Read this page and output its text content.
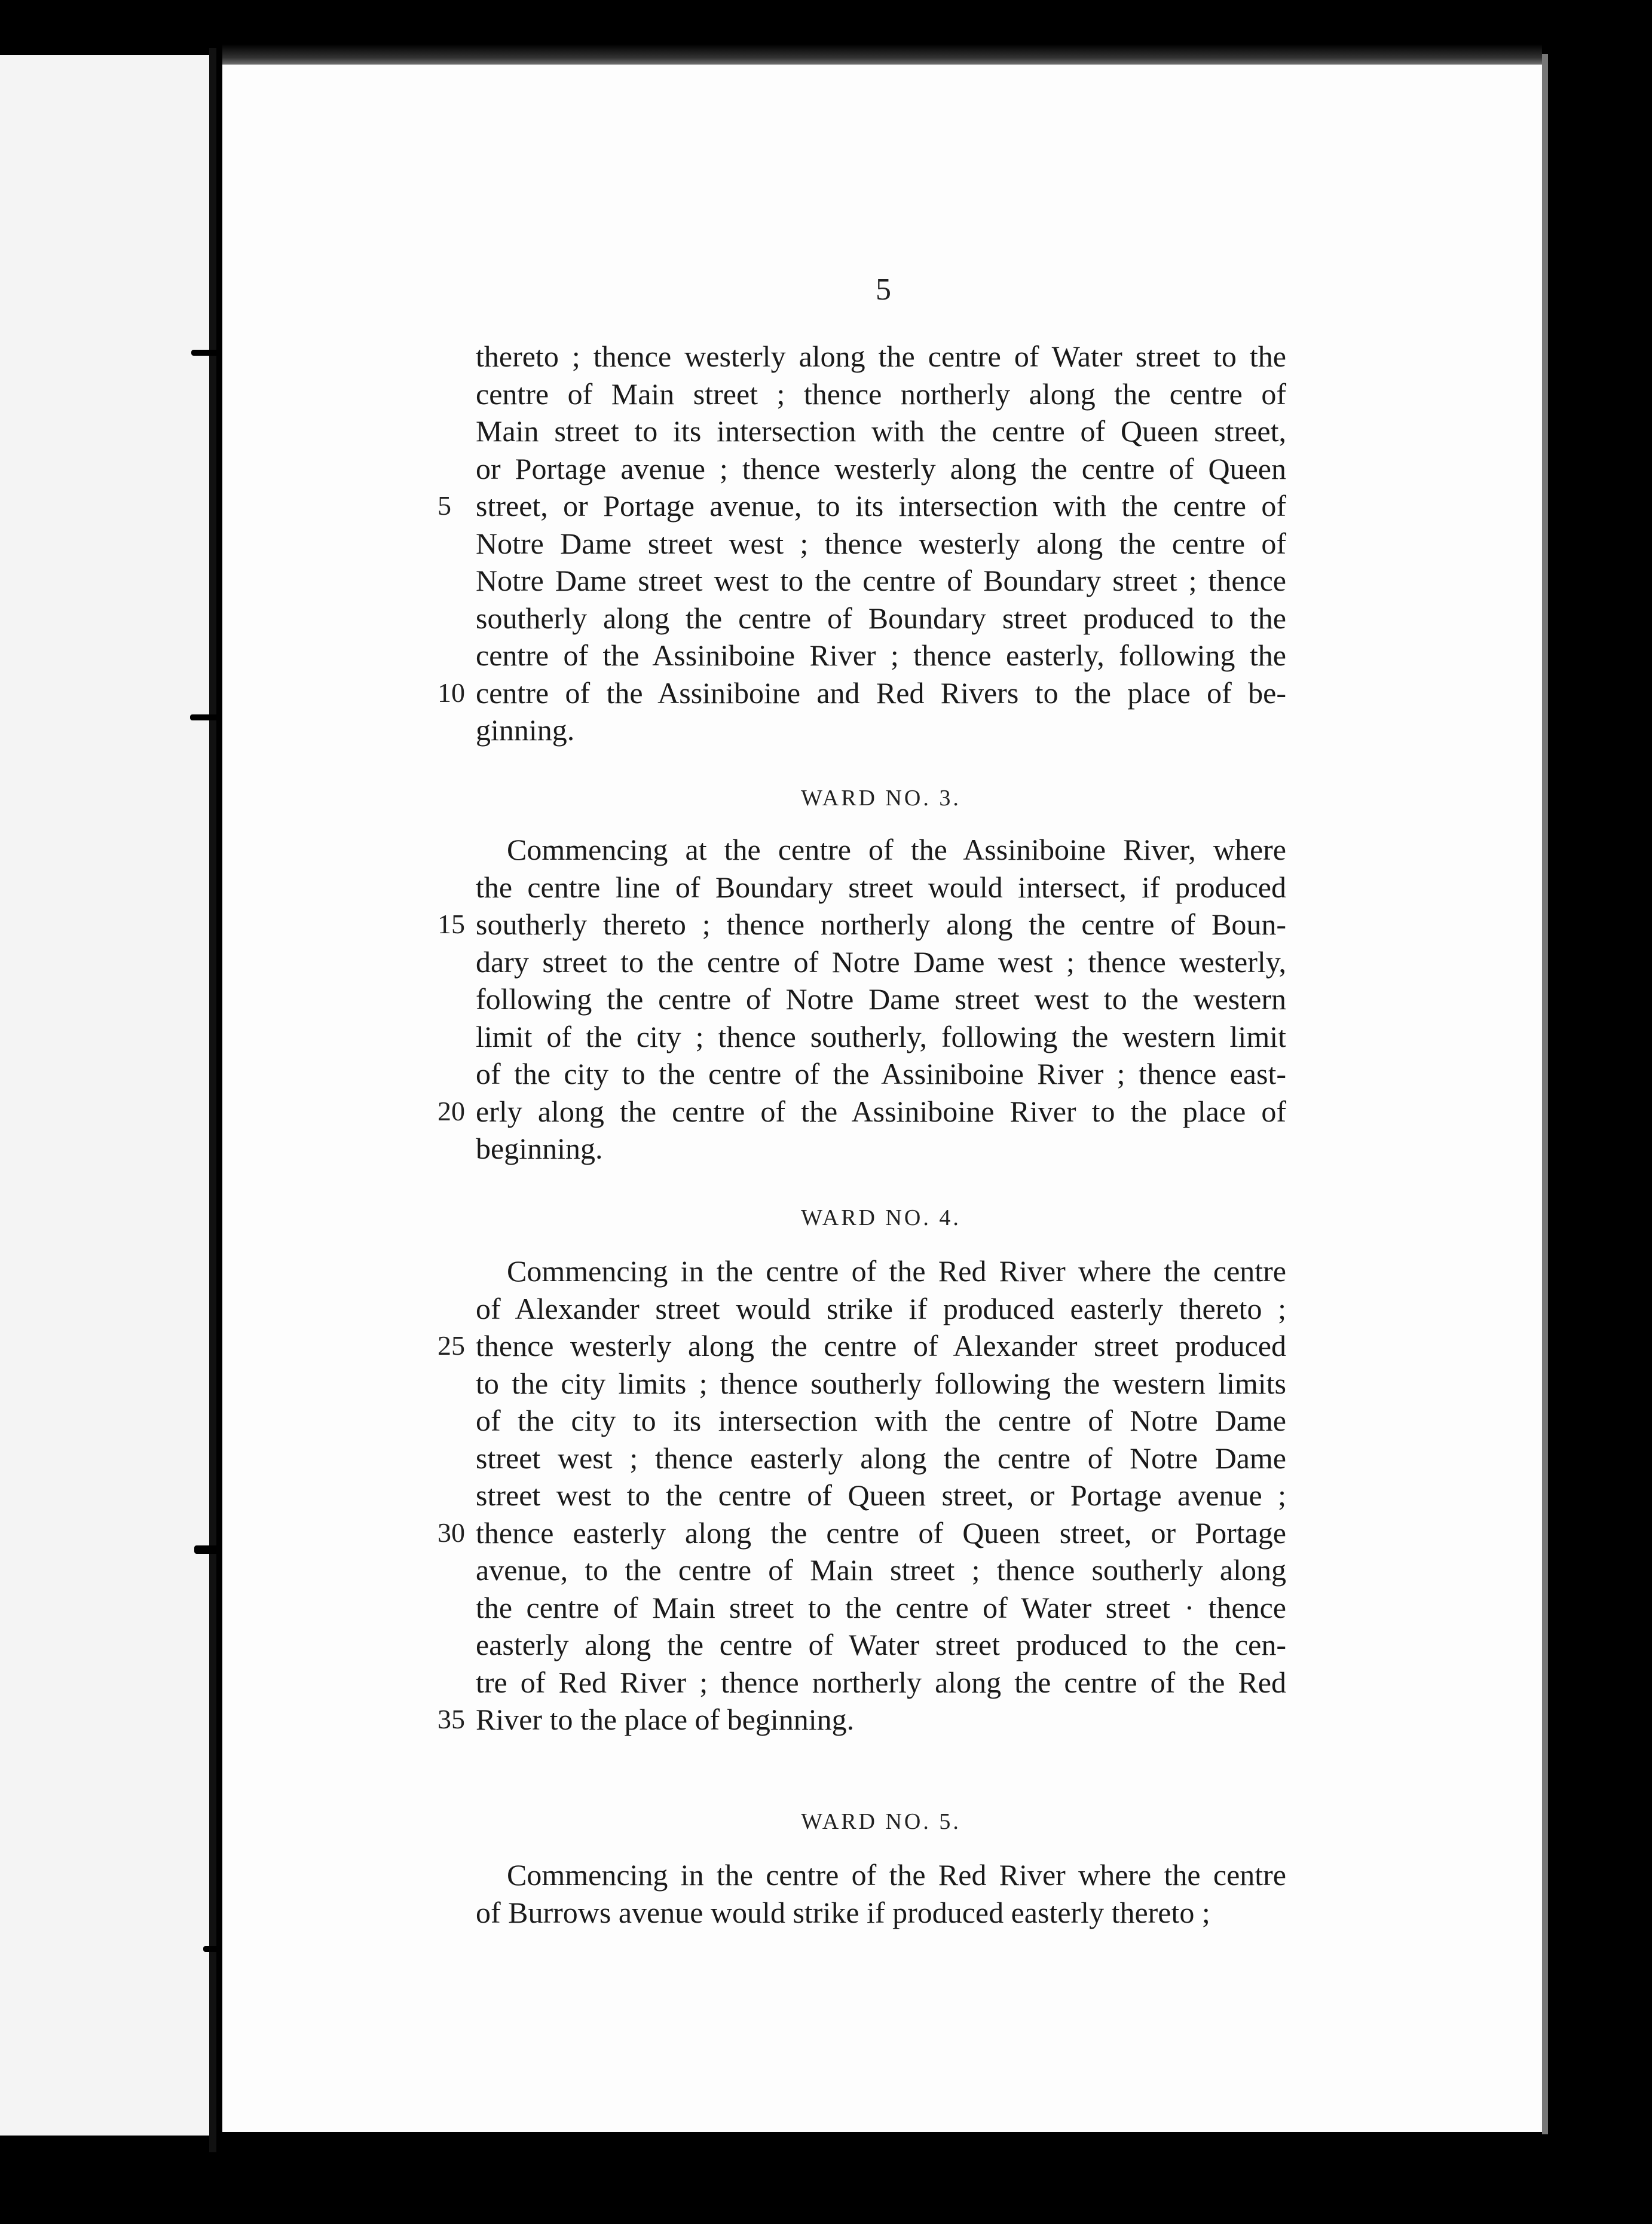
5
thereto ; thence westerly along the centre of Water street to the
centre of Main street ; thence northerly along the centre of
Main street to its intersection with the centre of Queen street,
or Portage avenue ; thence westerly along the centre of Queen
5 street, or Portage avenue, to its intersection with the centre of
Notre Dame street west ; thence westerly along the centre of
Notre Dame street west to the centre of Boundary street ; thence
southerly along the centre of Boundary street produced to the
centre of the Assiniboine River ; thence easterly, following the
10 centre of the Assiniboine and Red Rivers to the place of be-
ginning.
WARD NO. 3.
Commencing at the centre of the Assiniboine River, where
the centre line of Boundary street would intersect, if produced
15 southerly thereto ; thence northerly along the centre of Boun-
dary street to the centre of Notre Dame west ; thence westerly,
following the centre of Notre Dame street west to the western
limit of the city ; thence southerly, following the western limit
of the city to the centre of the Assiniboine River ; thence east-
20 erly along the centre of the Assiniboine River to the place of
beginning.
WARD NO. 4.
Commencing in the centre of the Red River where the centre
of Alexander street would strike if produced easterly thereto ;
25 thence westerly along the centre of Alexander street produced
to the city limits ; thence southerly following the western limits
of the city to its intersection with the centre of Notre Dame
street west ; thence easterly along the centre of Notre Dame
street west to the centre of Queen street, or Portage avenue ;
30 thence easterly along the centre of Queen street, or Portage
avenue, to the centre of Main street ; thence southerly along
the centre of Main street to the centre of Water street · thence
easterly along the centre of Water street produced to the cen-
tre of Red River ; thence northerly along the centre of the Red
35 River to the place of beginning.
WARD NO. 5.
Commencing in the centre of the Red River where the centre
of Burrows avenue would strike if produced easterly thereto ;
